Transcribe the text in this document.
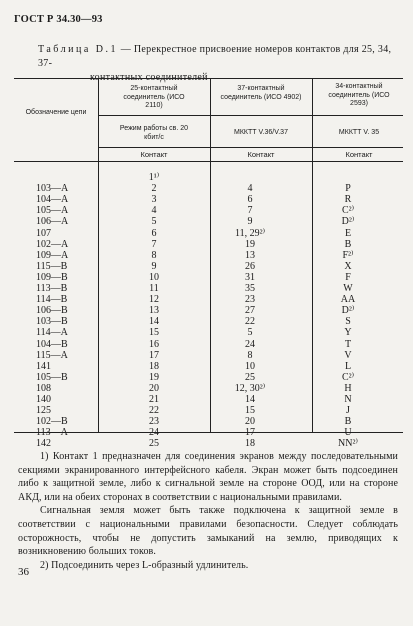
ГОСТ Р 34.30—93
Таблица D.1 — Перекрестное присвоение номеров контактов для 25, 34, 37-
контактных соединителей
Обозначение цепи
25-контактный соединитель (ИСО 2110)
37-контактный соединитель (ИСО 4902)
34-контактный соединитель (ИСО 2593)
Режим работы св. 20 кбит/с
МККТТ V.36/V.37	МККТТ V. 35
Контакт	Контакт	Контакт
1¹⁾
103—А	2	4	P
104—А	3	6	R
105—А	4	7	C²⁾
106—А	5	9	D²⁾
107	6	11, 29²⁾	E
102—А	7	19	B
109—А	8	13	F²⁾
115—В	9	26	X
109—В	10	31	F
113—В	11	35	W
114—В	12	23	AA
106—В	13	27	D²⁾
103—В	14	22	S
114—А	15	5	Y
104—В	16	24	T
115—А	17	8	V
141	18	10	L
105—В	19	25	C²⁾
108	20	12, 30²⁾	H
140	21	14	N
125	22	15	J
102—В	23	20	B
113—А	24	17	U
142	25	18	NN²⁾

1) Контакт 1 предназначен для соединения экранов между последовательными секциями экранированного интерфейсного кабеля. Экран может быть подсоединен либо к защитной земле, либо к сигнальной земле на стороне ООД, или на стороне АКД, или на обеих сторонах в соответствии с национальными правилами.

Сигнальная земля может быть также подключена к защитной земле в соответствии с национальными правилами безопасности. Следует соблюдать осторожность, чтобы не допустить замыканий на землю, приводящих к возникновению больших токов.

2) Подсоединить через L-образный удлинитель.

36
